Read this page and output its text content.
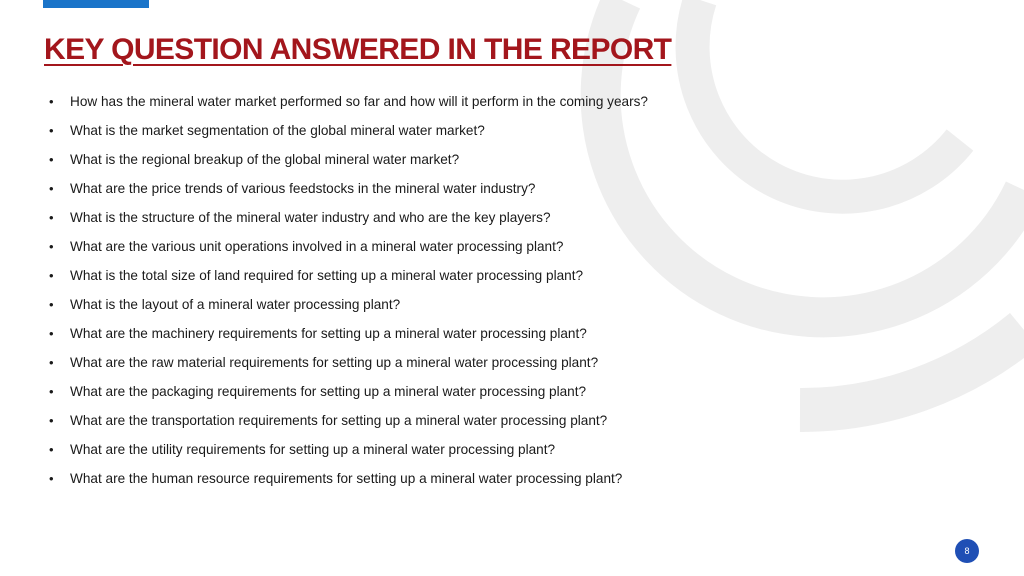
KEY QUESTION ANSWERED IN THE REPORT
• How has the mineral water market performed so far and how will it perform in the coming years?
• What is the market segmentation of the global mineral water market?
• What is the regional breakup of the global mineral water market?
• What are the price trends of various feedstocks in the mineral water industry?
• What is the structure of the mineral water industry and who are the key players?
• What are the various unit operations involved in a mineral water processing plant?
• What is the total size of land required for setting up a mineral water processing plant?
• What is the layout of a mineral water processing plant?
• What are the machinery requirements for setting up a mineral water processing plant?
• What are the raw material requirements for setting up a mineral water processing plant?
• What are the packaging requirements for setting up a mineral water processing plant?
• What are the transportation requirements for setting up a mineral water processing plant?
• What are the utility requirements for setting up a mineral water processing plant?
• What are the human resource requirements for setting up a mineral water processing plant?
8
